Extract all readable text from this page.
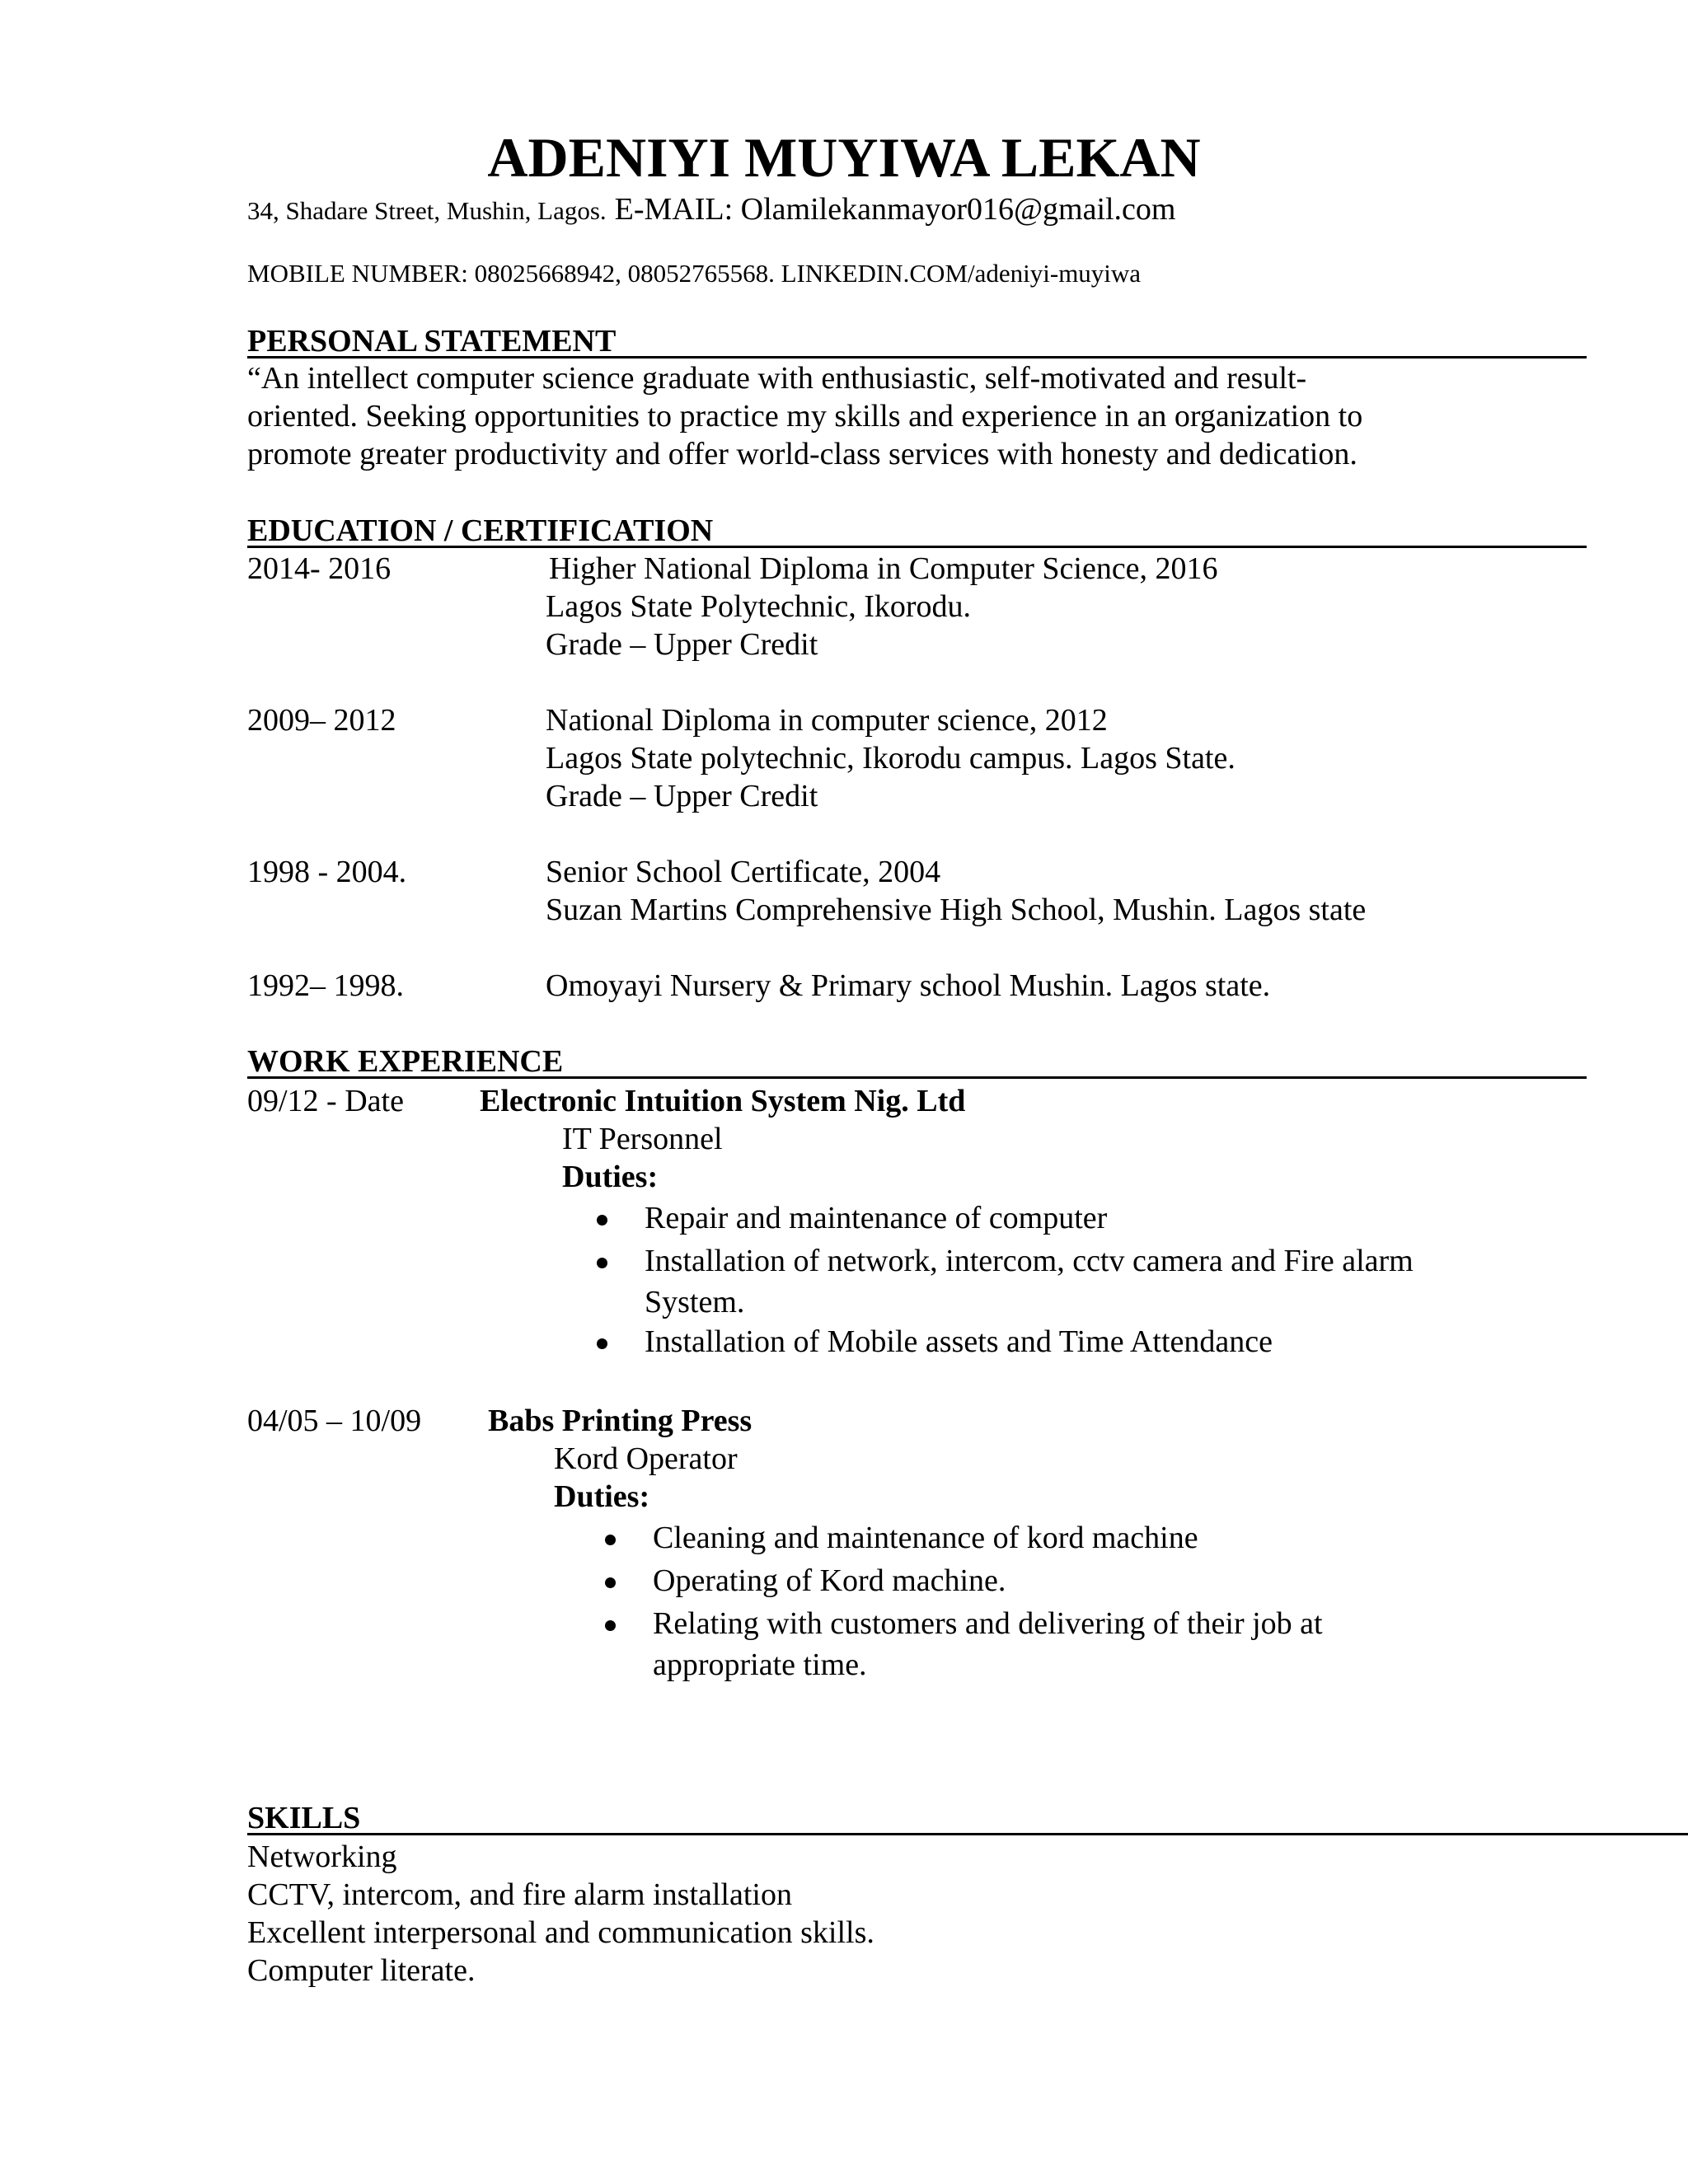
ADENIYI MUYIWA LEKAN
34, Shadare Street, Mushin, Lagos. E-MAIL: Olamilekanmayor016@gmail.com
MOBILE NUMBER: 08025668942, 08052765568. LINKEDIN.COM/adeniyi-muyiwa
PERSONAL STATEMENT
“An intellect computer science graduate with enthusiastic, self-motivated and result-
oriented. Seeking opportunities to practice my skills and experience in an organization to
promote greater productivity and offer world-class services with honesty and dedication.
EDUCATION / CERTIFICATION
2014- 2016	Higher National Diploma in Computer Science, 2016
Lagos State Polytechnic, Ikorodu.
Grade – Upper Credit
2009– 2012	National Diploma in computer science, 2012
Lagos State polytechnic, Ikorodu campus. Lagos State.
Grade – Upper Credit
1998 - 2004.	Senior School Certificate, 2004
Suzan Martins Comprehensive High School, Mushin. Lagos state
1992– 1998.	Omoyayi Nursery & Primary school Mushin. Lagos state.
WORK EXPERIENCE
09/12 - Date Electronic Intuition System Nig. Ltd
IT Personnel
Duties:
Repair and maintenance of computer
Installation of network, intercom, cctv camera and Fire alarm
System.
Installation of Mobile assets and Time Attendance
04/05 – 10/09 Babs Printing Press
Kord Operator
Duties:
Cleaning and maintenance of kord machine
Operating of Kord machine.
Relating with customers and delivering of their job at
appropriate time.
SKILLS
Networking
CCTV, intercom, and fire alarm installation
Excellent interpersonal and communication skills.
Computer literate.
